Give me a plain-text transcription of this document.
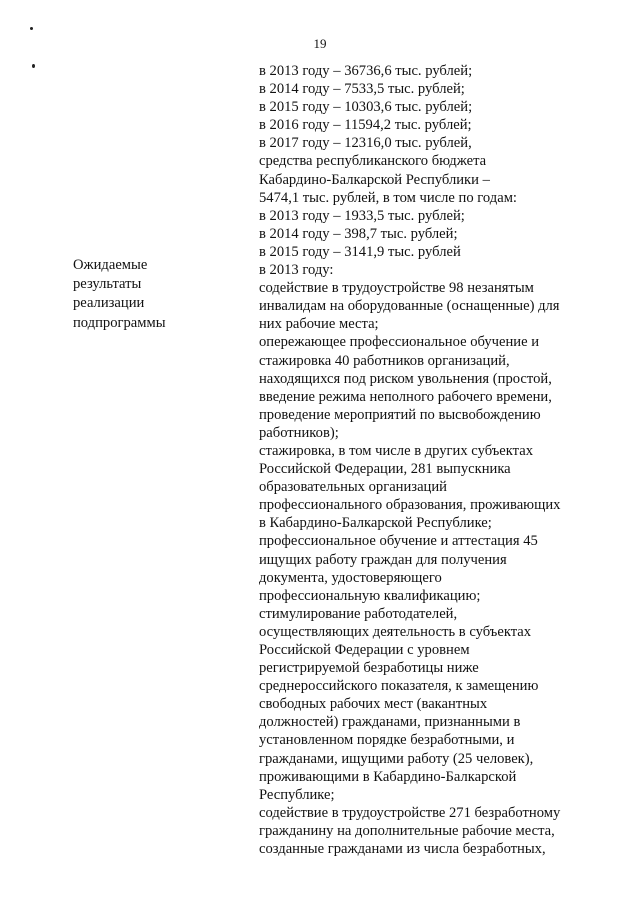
19
Ожидаемые
результаты
реализации
подпрограммы
в 2013 году – 36736,6 тыс. рублей;
в 2014 году – 7533,5 тыс. рублей;
в 2015 году – 10303,6 тыс. рублей;
в 2016 году – 11594,2 тыс. рублей;
в 2017 году – 12316,0 тыс. рублей,
средства республиканского бюджета
Кабардино-Балкарской Республики –
5474,1 тыс. рублей, в том числе по годам:
в 2013 году – 1933,5 тыс. рублей;
в 2014 году – 398,7 тыс. рублей;
в 2015 году – 3141,9 тыс. рублей
в 2013 году:
содействие в трудоустройстве 98 незанятым
инвалидам на оборудованные (оснащенные) для
них рабочие места;
опережающее профессиональное обучение и
стажировка 40 работников организаций,
находящихся под риском увольнения (простой,
введение режима неполного рабочего времени,
проведение мероприятий по высвобождению
работников);
стажировка, в том числе в других субъектах
Российской Федерации, 281 выпускника
образовательных организаций
профессионального образования, проживающих
в Кабардино-Балкарской Республике;
профессиональное обучение и аттестация 45
ищущих работу граждан для получения
документа, удостоверяющего
профессиональную квалификацию;
стимулирование работодателей,
осуществляющих деятельность в субъектах
Российской Федерации с уровнем
регистрируемой безработицы ниже
среднероссийского показателя, к замещению
свободных рабочих мест (вакантных
должностей) гражданами, признанными в
установленном порядке безработными, и
гражданами, ищущими работу (25 человек),
проживающими в Кабардино-Балкарской
Республике;
содействие в трудоустройстве 271 безработному
гражданину на дополнительные рабочие места,
созданные гражданами из числа безработных,
